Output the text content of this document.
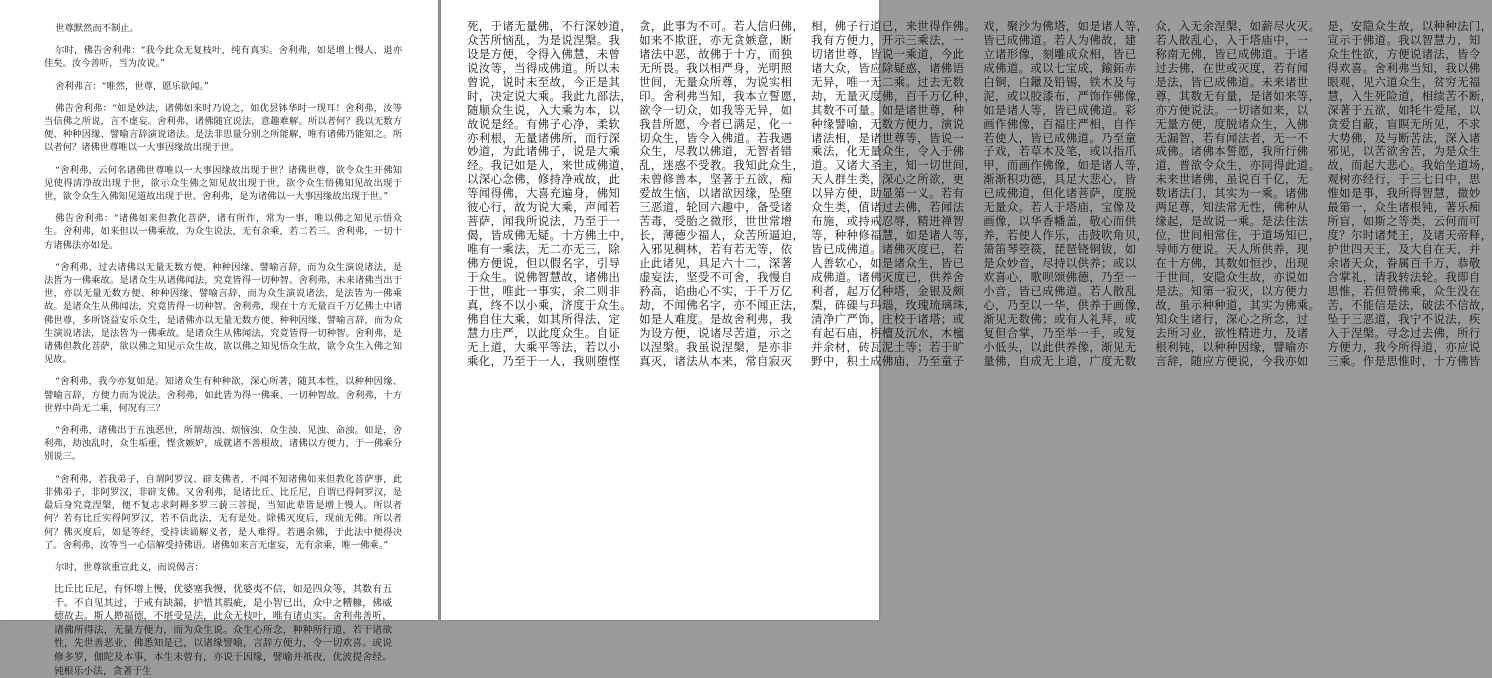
世尊默然而不制止。

尔时，佛告舍利弗：“我今此众无复枝叶，纯有真实。舍利弗，如是增上慢人，退亦佳矣。汝今善听，当为汝说。”

舍利弗言：“唯然，世尊，愿乐欲闻。”

佛告舍利弗：“如是妙法，诸佛如来时乃说之，如优昙钵华时一现耳！舍利弗，汝等当信佛之所说，言不虚妄。舍利弗，诸佛随宜说法，意趣难解。所以者何？我以无数方便、种种因缘、譬喻言辞演说诸法。是法非思量分别之所能解，唯有诸佛乃能知之。所以者何？诸佛世尊唯以一大事因缘故出现于世。

“舍利弗，云何名诸佛世尊唯以一大事因缘故出现于世？诸佛世尊，欲令众生开佛知见使得清净故出现于世，欲示众生佛之知见故出现于世，欲令众生悟佛知见故出现于世，欲令众生入佛知见道故出现于世。舍利弗，是为诸佛以一大事因缘故出现于世。”

佛告舍利弗：“诸佛如来但教化菩萨，诸有所作，常为一事，唯以佛之知见示悟众生。舍利弗，如来但以一佛乘故，为众生说法，无有余乘，若二若三。舍利弗，一切十方诸佛法亦如是。

“舍利弗，过去诸佛以无量无数方便、种种因缘、譬喻言辞，而为众生演说诸法，是法皆为一佛乘故。是诸众生从诸佛闻法，究竟皆得一切种智。舍利弗，未来诸佛当出于世，亦以无量无数方便、种种因缘、譬喻言辞，而为众生演说诸法，是法皆为一佛乘故。是诸众生从佛闻法，究竟皆得一切种智。舍利弗，现在十方无量百千万亿佛土中诸佛世尊，多所饶益安乐众生，是诸佛亦以无量无数方便、种种因缘、譬喻言辞，而为众生演说诸法，是法皆为一佛乘故。是诸众生从佛闻法，究竟皆得一切种智。舍利弗，是诸佛但教化菩萨，欲以佛之知见示众生故，欲以佛之知见悟众生故，欲令众生入佛之知见故。

“舍利弗，我今亦复如是。知诸众生有种种欲，深心所著，随其本性，以种种因缘、譬喻言辞，方便力而为说法。舍利弗，如此皆为得一佛乘、一切种智故。舍利弗，十方世界中尚无二乘，何况有三？

“舍利弗，诸佛出于五浊恶世，所谓劫浊、烦恼浊、众生浊、见浊、命浊。如是，舍利弗，劫浊乱时，众生垢重，悭贪嫉妒，成就诸不善根故，诸佛以方便力，于一佛乘分别说三。

“舍利弗，若我弟子，自谓阿罗汉、辟支佛者，不闻不知诸佛如来但教化菩萨事，此非佛弟子，非阿罗汉，非辟支佛。又舍利弗，是诸比丘、比丘尼，自谓已得阿罗汉，是最后身究竟涅槃，便不复志求阿耨多罗三藐三菩提，当知此辈皆是增上慢人。所以者何？若有比丘实得阿罗汉，若不信此法，无有是处。除佛灭度后，现前无佛。所以者何？佛灭度后，如是等经，受持读诵解义者，是人难得。若遇余佛，于此法中便得决了。舍利弗，汝等当一心信解受持佛语。诸佛如来言无虚妄，无有余乘，唯一佛乘。”

尔时，世尊欲重宣此义，而说偈言：

比丘比丘尼，有怀增上慢，优婆塞我慢，优婆夷不信，如是四众等，其数有五千。不自见其过，于戒有缺漏，护惜其瑕疵，是小智已出，众中之糟糠，佛威德故去。斯人尠福德，不堪受是法，此众无枝叶，唯有诸贞实。舍利弗善听，诸佛所得法，无量方便力，而为众生说。众生心所念，种种所行道，若干诸欲性，先世善恶业，佛悉知是已，以诸缘譬喻，言辞方便力，令一切欢喜。或说修多罗，伽陀及本事，本生未曾有，亦说于因缘，譬喻并祇夜，优波提舍经。钝根乐小法，贪著于生

死，于诸无量佛，不行深妙道，
众苦所恼乱，为是说涅槃。我
设是方便，令得入佛慧，未曾
说汝等，当得成佛道。所以未
曾说，说时未至故，今正是其
时，决定说大乘。我此九部法，
随顺众生说，入大乘为本，以
故说是经。有佛子心净，柔软
亦利根，无量诸佛所，而行深
妙道，为此诸佛子，说是大乘
经。我记如是人，来世成佛道，
以深心念佛，修持净戒故，此
等闻得佛，大喜充遍身，佛知
彼心行，故为说大乘，声闻若
菩萨，闻我所说法，乃至于一
偈，皆成佛无疑。十方佛土中，
唯有一乘法，无二亦无三，除
佛方便说，但以假名字，引导
于众生。说佛智慧故，诸佛出
于世，唯此一事实，余二则非
真，终不以小乘，济度于众生。
佛自住大乘，如其所得法，定
慧力庄严，以此度众生。自证
无上道，大乘平等法，若以小
乘化，乃至于一人，我则堕悭
贪，此事为不可。若人信归佛，
如来不欺诳，亦无贪嫉意，断
诸法中恶，故佛于十方，而独
无所畏。我以相严身，光明照
世间，无量众所尊，为说实相
印。舍利弗当知，我本立誓愿，
欲令一切众，如我等无异，如
我昔所愿，今者已满足，化一
切众生，皆令入佛道。若我遇
众生，尽教以佛道，无智者错
乱，迷惑不受教。我知此众生，
未曾修善本，坚著于五欲，痴
爱故生恼，以诸欲因缘，坠堕
三恶道，轮回六趣中，备受诸
苦毒，受胎之微形，世世常增
长，薄德少福人，众苦所逼迫，
入邪见稠林，若有若无等，依
止此诸见，具足六十二，深著
虚妄法，坚受不可舍，我慢自
矜高，谄曲心不实，于千万亿
劫，不闻佛名字，亦不闻正法，
如是人难度。是故舍利弗，我
为设方便，说诸尽苦道，示之
以涅槃。我虽说涅槃，是亦非
真灭，诸法从本来，常自寂灭
相，佛子行道已，来世得作佛。
我有方便力，开示三乘法，一
切诸世尊，皆说一乘道，今此
诸大众，皆应除疑惑，诸佛语
无异，唯一无二乘。过去无数
劫，无量灭度佛，百千万亿种，
其数不可量。如是诸世尊，种
种缘譬喻，无数方便力，演说
诸法相，是诸世尊等，皆说一
乘法，化无量众生，令入于佛
道。又诸大圣主，知一切世间，
天人群生类，深心之所欲，更
以异方便，助显第一义。若有
众生类，值诸过去佛，若闻法
布施，或持戒忍辱，精进禅智
等，种种修福慧，如是诸人等，
皆已成佛道。诸佛灭度已，若
人善软心，如是诸众生，皆已
成佛道。诸佛灭度已，供养舍
利者，起万亿种塔，金银及颇
梨，砗磲与玛瑙，玫瑰琉璃珠，
清净广严饰，庄校于诸塔；或
有起石庙，栴檀及沉水，木櫁
并余材，砖瓦泥土等；若于旷
野中，积土成佛庙，乃至童子
戏，聚沙为佛塔，如是诸人等，
皆已成佛道。若人为佛故，建
立诸形像，刻雕成众相，皆已
成佛道。或以七宝成，鍮鉐赤
白铜，白鑞及铅锡，铁木及与
泥，或以胶漆布，严饰作佛像，
如是诸人等，皆已成佛道。彩
画作佛像，百福庄严相，自作
若使人，皆已成佛道。乃至童
子戏，若草木及笔，或以指爪
甲，而画作佛像，如是诸人等，
渐渐积功德，具足大悲心，皆
已成佛道，但化诸菩萨，度脱
无量众。若人于塔庙，宝像及
画像，以华香幡盖，敬心而供
养，若使人作乐，击鼓吹角贝，
箫笛琴箜篌，琵琶铙铜钹，如
是众妙音，尽持以供养；或以
欢喜心，歌呗颂佛德，乃至一
小音，皆已成佛道。若人散乱
心，乃至以一华，供养于画像，
渐见无数佛；或有人礼拜，或
复但合掌，乃至举一手，或复
小低头，以此供养像，渐见无
量佛，自成无上道，广度无数
众，入无余涅槃，如薪尽火灭。
若人散乱心，入于塔庙中，一
称南无佛，皆已成佛道。于诸
过去佛，在世或灭度，若有闻
是法，皆已成佛道。未来诸世
尊，其数无有量，是诸如来等，
亦方便说法。一切诸如来，以
无量方便，度脱诸众生，入佛
无漏智，若有闻法者，无一不
成佛。诸佛本誓愿，我所行佛
道，普欲令众生，亦同得此道。
未来世诸佛，虽说百千亿，无
数诸法门，其实为一乘。诸佛
两足尊，知法常无性，佛种从
缘起，是故说一乘。是法住法
位，世间相常住，于道场知已，
导师方便说。天人所供养，现
在十方佛，其数如恒沙，出现
于世间，安隐众生故，亦说如
是法。知第一寂灭，以方便力
故，虽示种种道，其实为佛乘。
知众生诸行，深心之所念，过
去所习业，欲性精进力，及诸
根利钝，以种种因缘，譬喻亦
言辞，随应方便说，今我亦如
是，安隐众生故，以种种法门，
宣示于佛道。我以智慧力，知
众生性欲，方便说诸法，皆令
得欢喜。舍利弗当知，我以佛
眼观，见六道众生，贫穷无福
慧，入生死险道，相续苦不断，
深著于五欲，如牦牛爱尾，以
贪爱自蔽，盲瞑无所见，不求
大势佛，及与断苦法，深入诸
邪见，以苦欲舍苦，为是众生
故，而起大悲心。我始坐道场，
观树亦经行，于三七日中，思
惟如是事，我所得智慧，微妙
最第一，众生诸根钝，著乐痴
所盲，如斯之等类，云何而可
度？尔时诸梵王，及诸天帝释，
护世四天王，及大自在天，并
余诸天众，眷属百千万，恭敬
合掌礼，请我转法轮。我即自
思惟，若但赞佛乘，众生没在
苦，不能信是法，破法不信故，
坠于三恶道，我宁不说法，疾
入于涅槃。寻念过去佛，所行
方便力，我今所得道，亦应说
三乘。作是思惟时，十方佛皆
